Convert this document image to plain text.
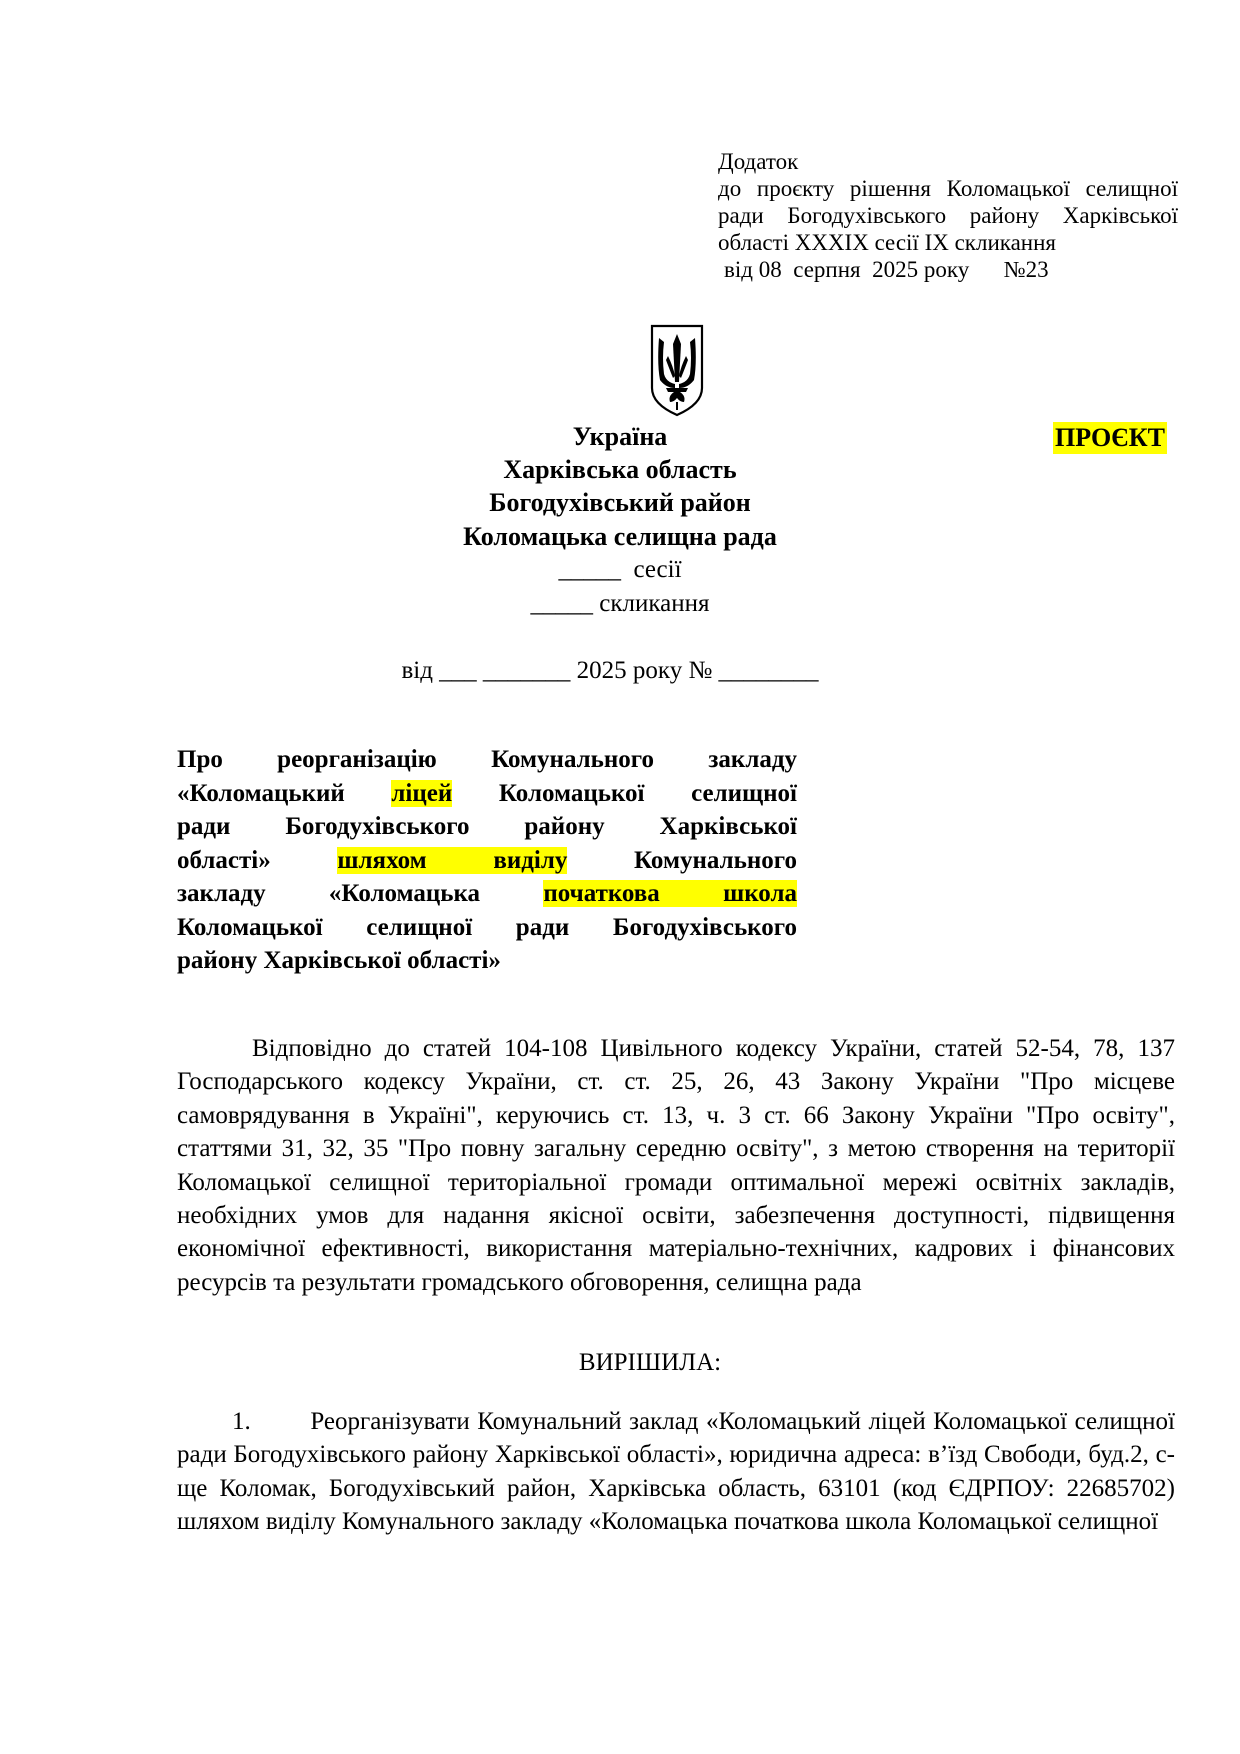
Додаток
до проєкту рішення Коломацької селищної
ради Богодухівського району Харківської
області XXXIX сесії IX скликання
від 08  серпня  2025 року      №23
ПРОЄКТ
Україна
Харківська область
Богодухівський район
Коломацька селищна рада
_____  сесії
_____ скликання
від ___ _______ 2025 року № ________
Про реорганізацію Комунального закладу
«Коломацький ліцей Коломацької селищної
ради Богодухівського району Харківської
області» шляхом виділу Комунального
закладу «Коломацька початкова школа
Коломацької селищної ради Богодухівського
району Харківської області»

Відповідно до статей 104-108 Цивільного кодексу України, статей 52-54, 78, 137 Господарського кодексу України, ст. ст. 25, 26, 43 Закону України "Про місцеве самоврядування в Україні", керуючись ст. 13, ч. 3 ст. 66 Закону України "Про освіту", статтями 31, 32, 35 "Про повну загальну середню освіту", з метою створення на території Коломацької селищної територіальної громади оптимальної мережі освітніх закладів, необхідних умов для надання якісної освіти, забезпечення доступності, підвищення економічної ефективності, використання матеріально-технічних, кадрових і фінансових ресурсів та результати громадського обговорення, селищна рада

ВИРІШИЛА:

1.        Реорганізувати Комунальний заклад «Коломацький ліцей Коломацької селищної ради Богодухівського району Харківської області», юридична адреса: в’їзд Свободи, буд.2, с-ще Коломак, Богодухівський район, Харківська область, 63101 (код ЄДРПОУ: 22685702) шляхом виділу Комунального закладу «Коломацька початкова школа Коломацької селищної
